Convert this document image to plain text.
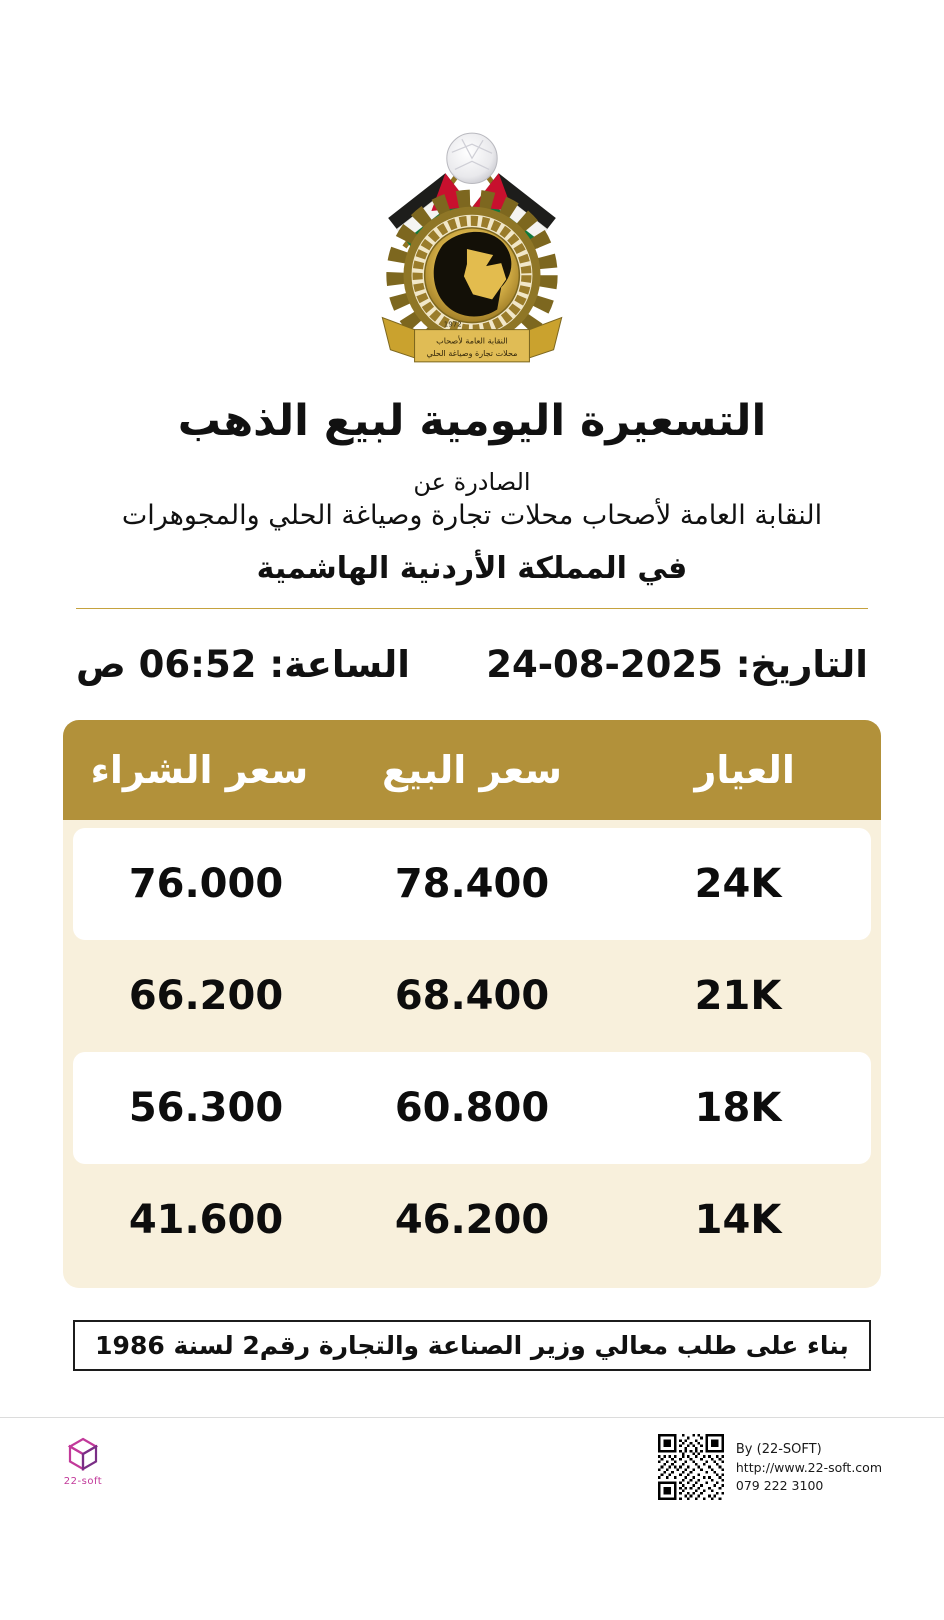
1972
النقابة العامة لأصحاب
محلات تجارة وصياغة الحلي
التسعيرة اليومية لبيع الذهب
الصادرة عن
النقابة العامة لأصحاب محلات تجارة وصياغة الحلي والمجوهرات
في المملكة الأردنية الهاشمية
التاريخ: 24-08-2025
الساعة: 06:52 ص
العيار
سعر البيع
سعر الشراء
24K
78.400
76.000
21K
68.400
66.200
18K
60.800
56.300
14K
46.200
41.600
بناء على طلب معالي وزير الصناعة والتجارة رقم2 لسنة 1986
22-soft
By (22-SOFT)
http://www.22-soft.com
079 222 3100
